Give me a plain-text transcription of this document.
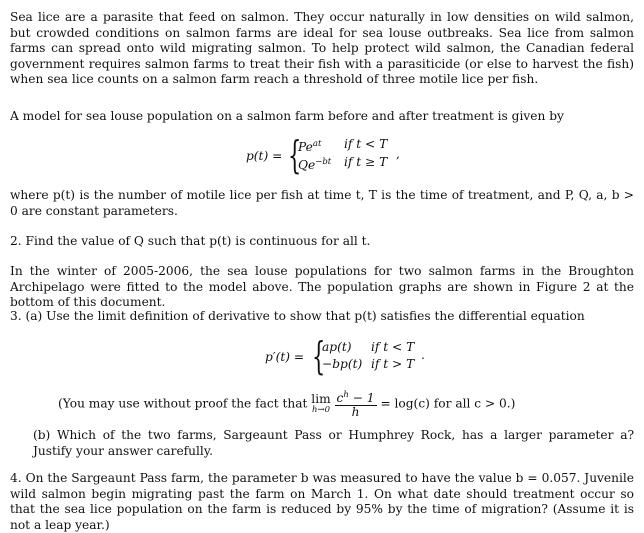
Sea lice are a parasite that feed on salmon. They occur naturally in low densities on wild salmon, but crowded conditions on salmon farms are ideal for sea louse outbreaks. Sea lice from salmon farms can spread onto wild migrating salmon. To help protect wild salmon, the Canadian federal government requires salmon farms to treat their fish with a parasiticide (or else to harvest the fish) when sea lice counts on a salmon farm reach a threshold of three motile lice per fish.

A model for sea louse population on a salmon farm before and after treatment is given by

p(t) = {
$Pe^{at}$ if t < T
$Qe^{-bt}$ if t ≥ T
,

where p(t) is the number of motile lice per fish at time t, T is the time of treatment, and P, Q, a, b > 0 are constant parameters.

2. Find the value of Q such that p(t) is continuous for all t.

In the winter of 2005-2006, the sea louse populations for two salmon farms in the Broughton Archipelago were fitted to the model above. The population graphs are shown in Figure 2 at the bottom of this document.

3. (a) Use the limit definition of derivative to show that p(t) satisfies the differential equation

p′(t) = {
ap(t) if t < T
−bp(t) if t > T
.
(You may use without proof the fact that lim
h→0
$\frac{c^h - 1}{h} = \log(c)$ for all c > 0.)

(b) Which of the two farms, Sargeaunt Pass or Humphrey Rock, has a larger parameter a? Justify your answer carefully.

4. On the Sargeaunt Pass farm, the parameter b was measured to have the value b = 0.057. Juvenile wild salmon begin migrating past the farm on March 1. On what date should treatment occur so that the sea lice population on the farm is reduced by 95% by the time of migration? (Assume it is not a leap year.)
